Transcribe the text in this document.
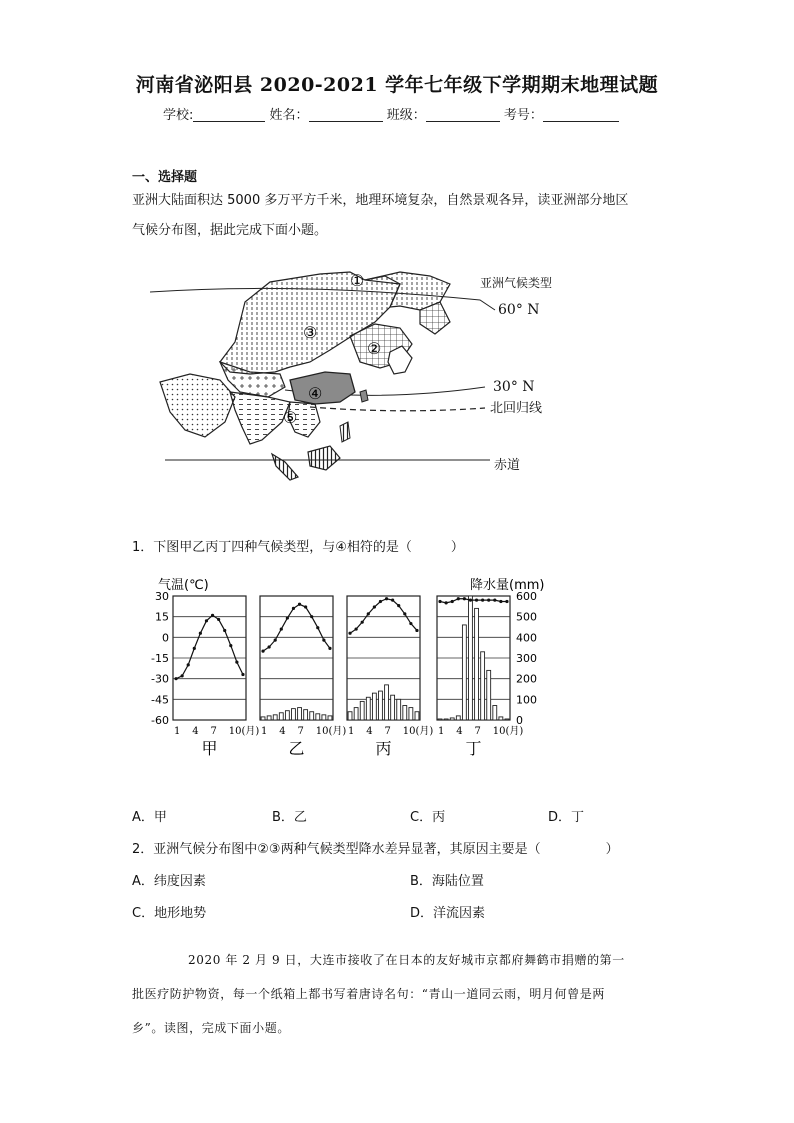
河南省泌阳县 2020-2021 学年七年级下学期期末地理试题
学校:	姓名：	班级：	考号：
一、选择题
亚洲大陆面积达 5000 多万平方千米，地理环境复杂，自然景观各异，读亚洲部分地区
气候分布图，据此完成下面小题。
①
②
③
④
⑤
亚洲气候类型
60° N
30° N
北回归线
赤道
1．下图甲乙丙丁四种气候类型，与④相符的是（　　　）
气温(℃)	降水量(mm)
30
15
0
-15
-30
-45
-60
600
500
400
300
200
100
0
1 4 7 10(月)
甲
1 4 7 10(月)
乙
1 4 7 10(月)
丙
1 4 7 10(月)
丁
A．甲	B．乙	C．丙	D．丁
2．亚洲气候分布图中②③两种气候类型降水差异显著，其原因主要是（　　　　　）
A．纬度因素	B．海陆位置
C．地形地势	D．洋流因素
2020 年 2 月 9 日，大连市接收了在日本的友好城市京都府舞鹤市捐赠的第一
批医疗防护物资，每一个纸箱上都书写着唐诗名句：“青山一道同云雨，明月何曾是两
乡”。读图，完成下面小题。
